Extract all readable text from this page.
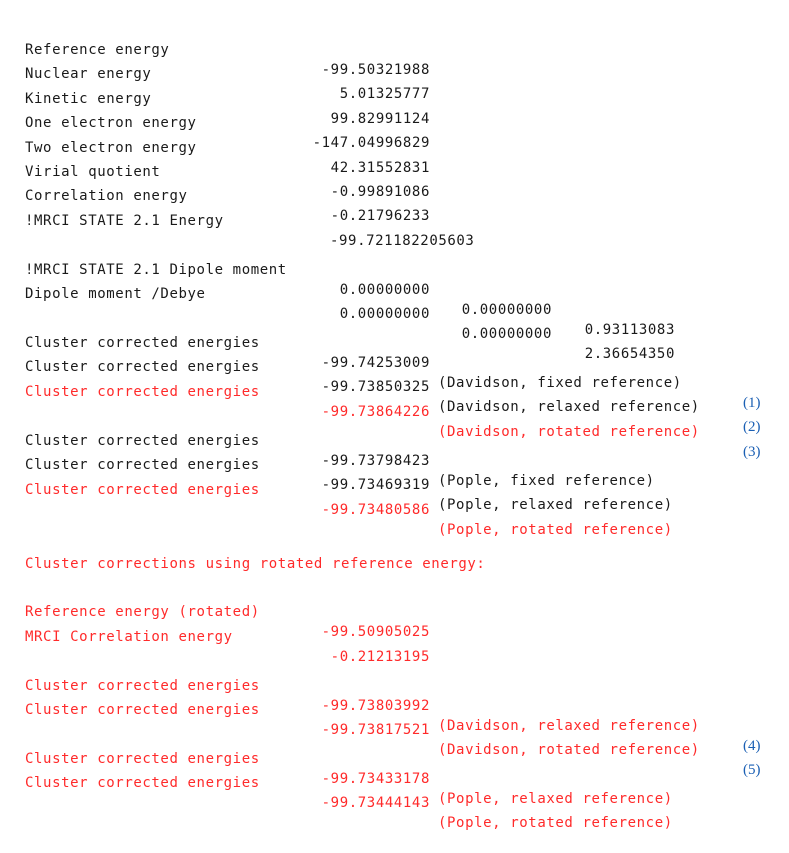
Reference energy

-99.50321988

Nuclear energy

5.01325777

Kinetic energy

99.82991124

One electron energy

-147.04996829

Two electron energy

42.31552831

Virial quotient

-0.99891086

Correlation energy

-0.21796233

!MRCI STATE 2.1 Energy

-99.721182205603

!MRCI STATE 2.1 Dipole moment

0.00000000

0.00000000

0.93113083

Dipole moment /Debye

0.00000000

0.00000000

2.36654350

Cluster corrected energies

-99.74253009

(Davidson, fixed reference)

(1)

Cluster corrected energies

-99.73850325

(Davidson, relaxed reference)

(2)

Cluster corrected energies

-99.73864226

(Davidson, rotated reference)

(3)

Cluster corrected energies

-99.73798423

(Pople, fixed reference)

Cluster corrected energies

-99.73469319

(Pople, relaxed reference)

Cluster corrected energies

-99.73480586

(Pople, rotated reference)

Cluster corrections using rotated reference energy:

Reference energy (rotated)

-99.50905025

MRCI Correlation energy

-0.21213195

Cluster corrected energies

-99.73803992

(Davidson, relaxed reference)

(4)

Cluster corrected energies

-99.73817521

(Davidson, rotated reference)

(5)

Cluster corrected energies

-99.73433178

(Pople, relaxed reference)

Cluster corrected energies

-99.73444143

(Pople, rotated reference)
